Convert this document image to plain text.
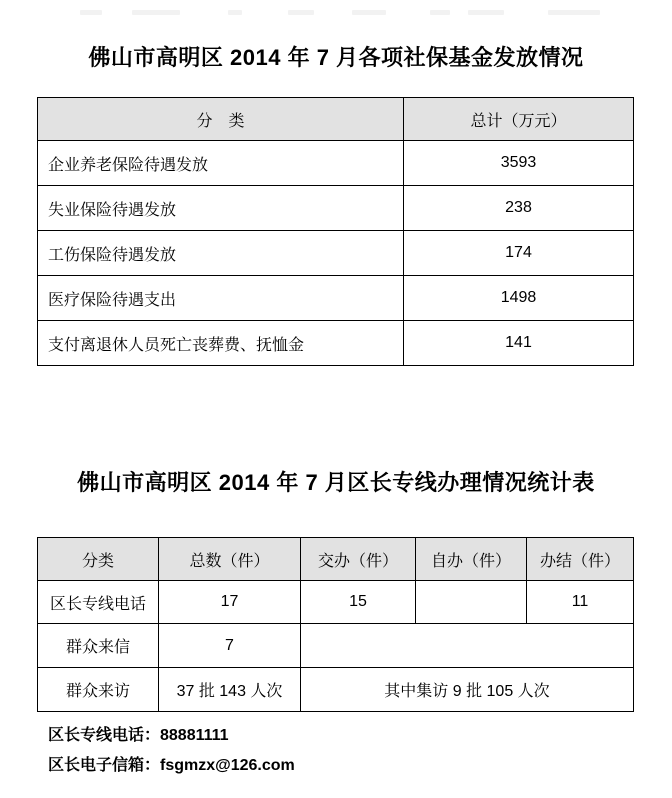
佛山市高明区 2014 年 7 月各项社保基金发放情况
分　类	总计（万元）
企业养老保险待遇发放	3593
失业保险待遇发放	238
工伤保险待遇发放	174
医疗保险待遇支出	1498
支付离退休人员死亡丧葬费、抚恤金	141
佛山市高明区 2014 年 7 月区长专线办理情况统计表
分类	总数（件）	交办（件）	自办（件）	办结（件）
区长专线电话	17	15		11
群众来信	7			
群众来访	37 批 143 人次	其中集访 9 批 105 人次		
区长专线电话：88881111
区长电子信箱：fsgmzx@126.com
